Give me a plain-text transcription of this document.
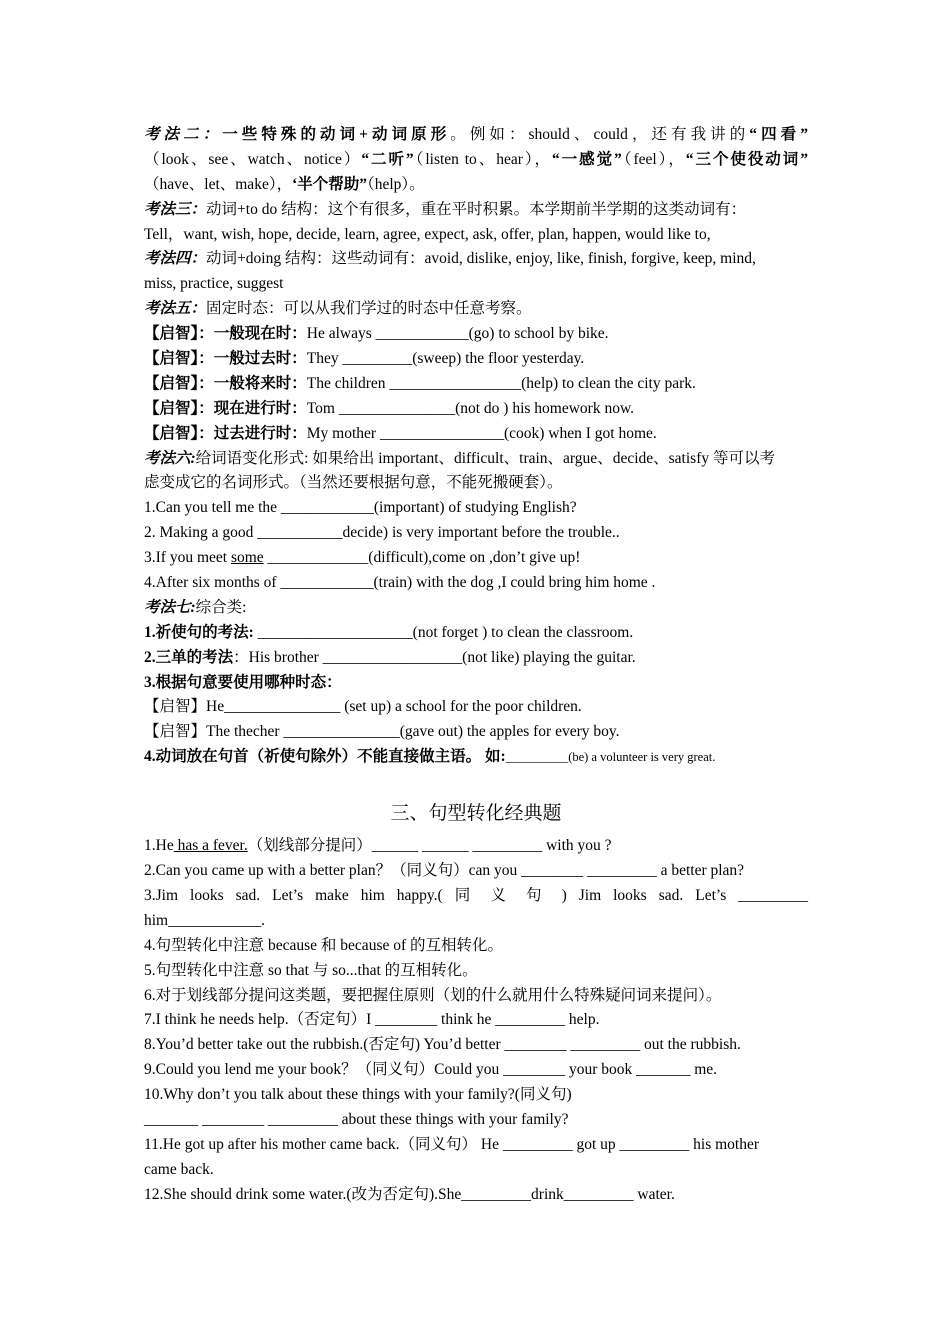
考法二：一些特殊的动词+动词原形。例如：should、could，还有我讲的“四看”
（look、see、watch、notice）“二听”（listen to、hear），“一感觉”（feel），“三个使役动词”
（have、let、make），‘半个帮助”（help）。
考法三：动词+to do 结构：这个有很多，重在平时积累。本学期前半学期的这类动词有：
Tell，want, wish, hope, decide, learn, agree, expect, ask, offer, plan, happen, would like to,
考法四：动词+doing 结构：这些动词有：avoid, dislike, enjoy, like, finish, forgive, keep, mind,
miss, practice, suggest
考法五：固定时态：可以从我们学过的时态中任意考察。
【启智】：一般现在时：He always ____________(go) to school by bike.
【启智】：一般过去时：They _________(sweep) the floor yesterday.
【启智】：一般将来时：The children _________________(help) to clean the city park.
【启智】：现在进行时：Tom _______________(not do ) his homework now.
【启智】：过去进行时：My mother ________________(cook) when I got home.
考法六:给词语变化形式: 如果给出 important、difficult、train、argue、decide、satisfy 等可以考
虑变成它的名词形式。（当然还要根据句意，不能死搬硬套）。
1.Can you tell me the ____________(important) of studying English?
2. Making a good ___________decide) is very important before the trouble..
3.If you meet some _____________(difficult),come on ,don’t give up!
4.After six months of ____________(train) with the dog ,I could bring him home .
考法七:综合类:
1.祈使句的考法: ____________________(not forget ) to clean the classroom.
2.三单的考法：His brother __________________(not like) playing the guitar.
3.根据句意要使用哪种时态：
【启智】He_______________ (set up) a school for the poor children.
【启智】The thecher _______________(gave out) the apples for every boy.
4.动词放在句首（祈使句除外）不能直接做主语。 如:__________(be) a volunteer is very great.
三、句型转化经典题
1.He has a fever.（划线部分提问）______ ______ _________ with you ?
2.Can you came up with a better plan？（同义句）can you ________ _________ a better plan?
3.Jim looks sad. Let’s make him happy.( 同 义 句 ) Jim looks sad. Let’s _________
him____________.
4.句型转化中注意 because 和 because of 的互相转化。
5.句型转化中注意 so that 与 so...that 的互相转化。
6.对于划线部分提问这类题，要把握住原则（划的什么就用什么特殊疑问词来提问）。
7.I think he needs help.（否定句）I ________ think he _________ help.
8.You’d better take out the rubbish.(否定句) You’d better ________ _________ out the rubbish.
9.Could you lend me your book？（同义句）Could you ________ your book _______ me.
10.Why don’t you talk about these things with your family?(同义句)
_______ ________ _________ about these things with your family?
11.He got up after his mother came back.（同义句） He _________ got up _________ his mother
came back.
12.She should drink some water.(改为否定句).She_________drink_________ water.
